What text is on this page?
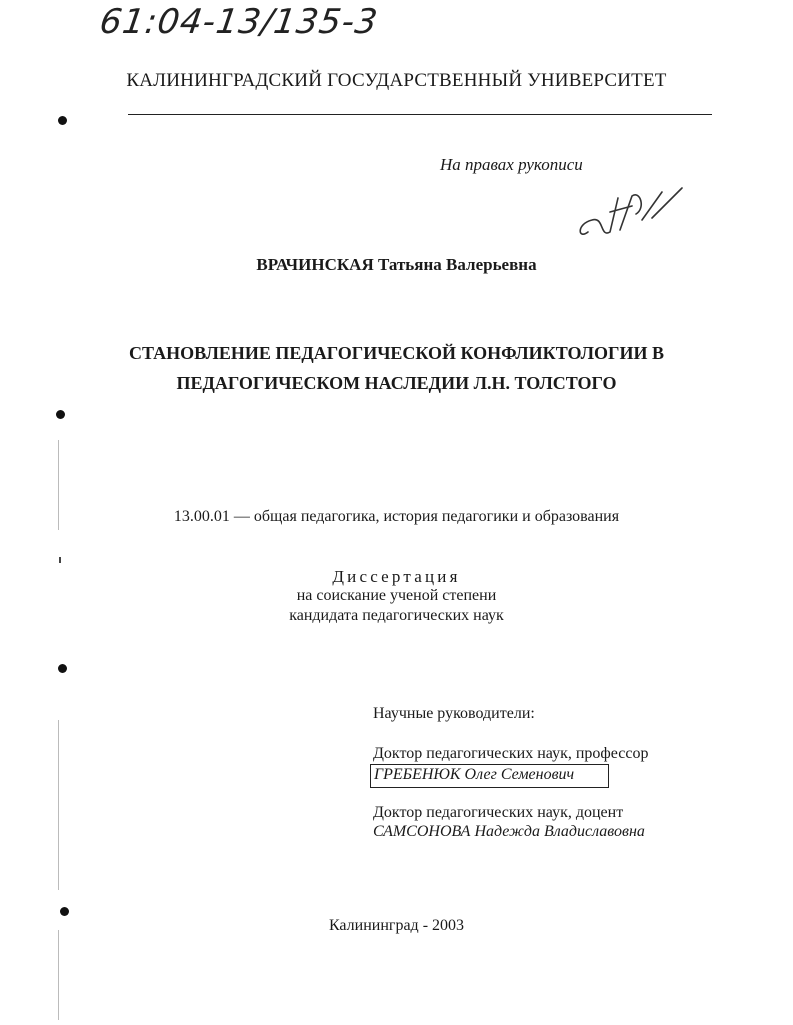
61:04-13/135-3
КАЛИНИНГРАДСКИЙ ГОСУДАРСТВЕННЫЙ УНИВЕРСИТЕТ
На правах рукописи
ВРАЧИНСКАЯ Татьяна Валерьевна
СТАНОВЛЕНИЕ ПЕДАГОГИЧЕСКОЙ КОНФЛИКТОЛОГИИ В
ПЕДАГОГИЧЕСКОМ НАСЛЕДИИ Л.Н. ТОЛСТОГО
13.00.01 — общая педагогика, история педагогики и образования
Диссертация
на соискание ученой степени
кандидата педагогических наук
Научные руководители:
Доктор педагогических наук, профессор
ГРЕБЕНЮК Олег Семенович
Доктор педагогических наук, доцент
САМСОНОВА Надежда Владиславовна
Калининград - 2003
